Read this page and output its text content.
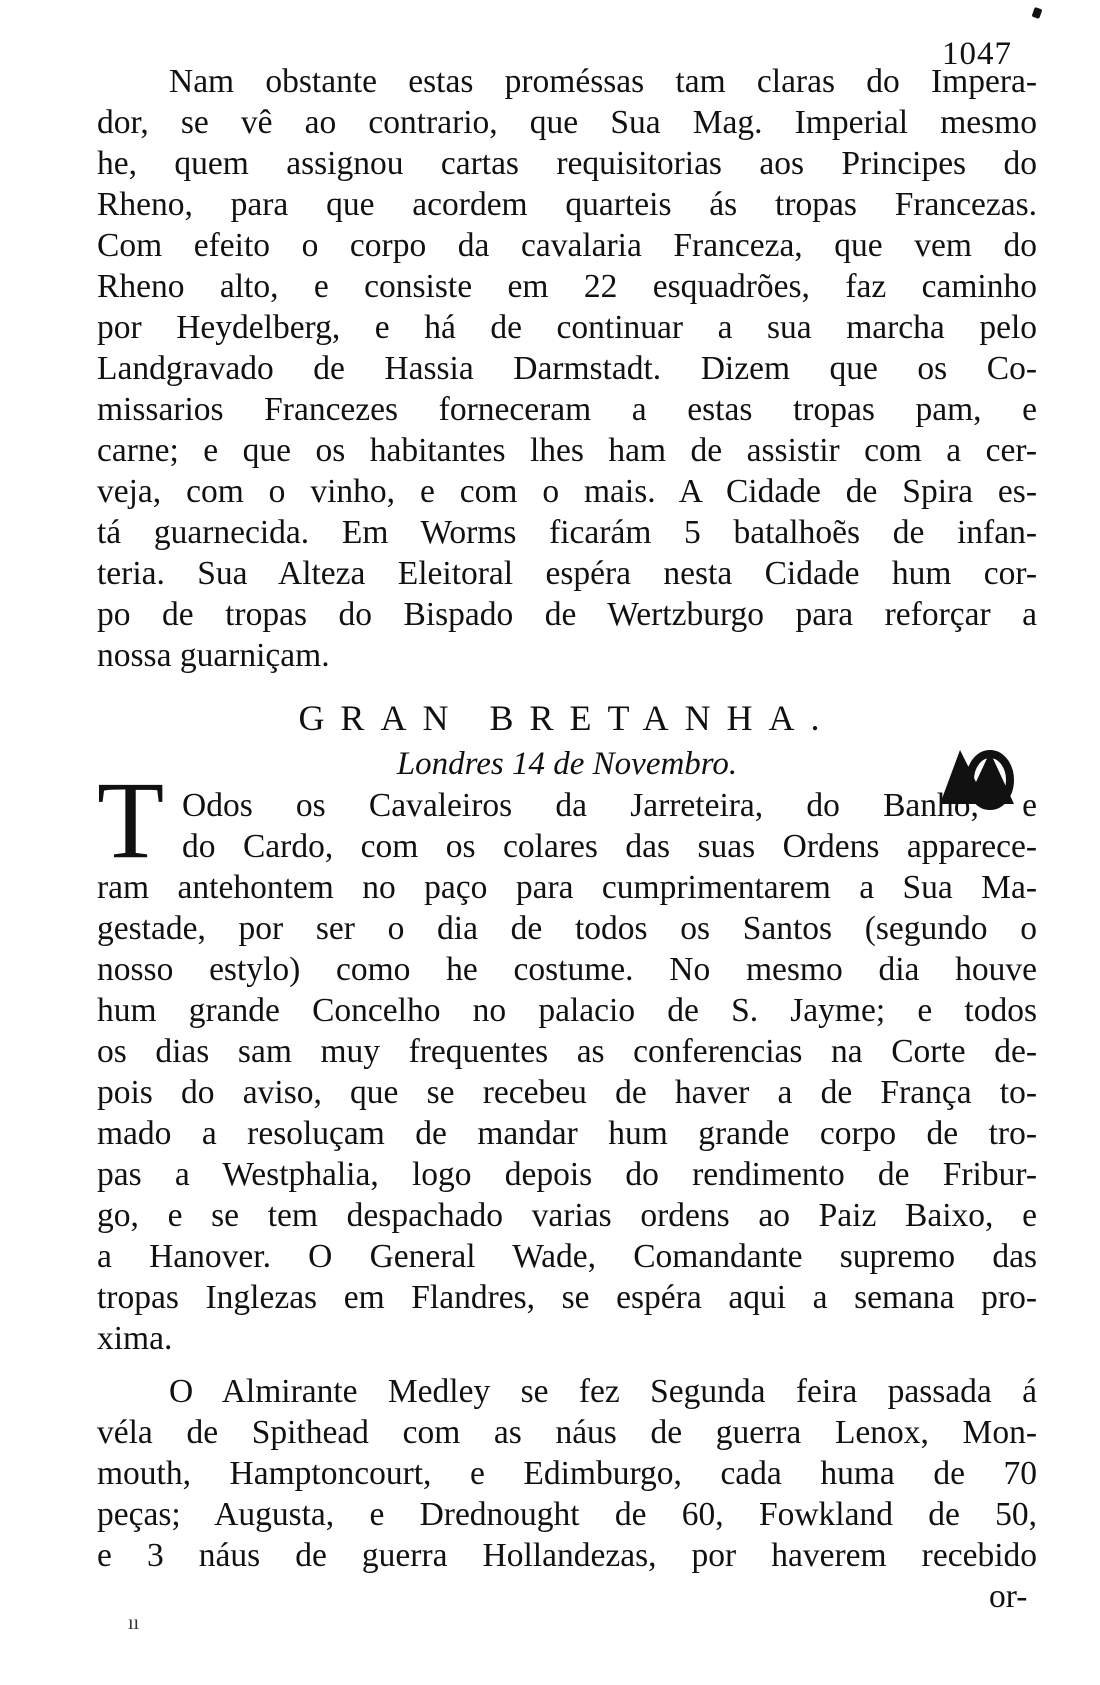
1047
Nam obstante estas proméssas tam claras do Impera-
dor, se vê ao contrario, que Sua Mag. Imperial mesmo
he, quem assignou cartas requisitorias aos Principes do
Rheno, para que acordem quarteis ás tropas Francezas.
Com efeito o corpo da cavalaria Franceza, que vem do
Rheno alto, e consiste em 22 esquadrões, faz caminho
por Heydelberg, e há de continuar a sua marcha pelo
Landgravado de Hassia Darmstadt. Dizem que os Co-
missarios Francezes forneceram a estas tropas pam, e
carne; e que os habitantes lhes ham de assistir com a cer-
veja, com o vinho, e com o mais. A Cidade de Spira es-
tá guarnecida. Em Worms ficarám 5 batalhoẽs de infan-
teria. Sua Alteza Eleitoral espéra nesta Cidade hum cor-
po de tropas do Bispado de Wertzburgo para reforçar a
nossa guarniçam.
GRAN BRETANHA.
Londres 14 de Novembro.
T Odos os Cavaleiros da Jarreteira, do Banho, e
do Cardo, com os colares das suas Ordens apparece-
ram antehontem no paço para cumprimentarem a Sua Ma-
gestade, por ser o dia de todos os Santos (segundo o
nosso estylo) como he costume. No mesmo dia houve
hum grande Concelho no palacio de S. Jayme; e todos
os dias sam muy frequentes as conferencias na Corte de-
pois do aviso, que se recebeu de haver a de França to-
mado a resoluçam de mandar hum grande corpo de tro-
pas a Westphalia, logo depois do rendimento de Fribur-
go, e se tem despachado varias ordens ao Paiz Baixo, e
a Hanover. O General Wade, Comandante supremo das
tropas Inglezas em Flandres, se espéra aqui a semana pro-
xima.
O Almirante Medley se fez Segunda feira passada á
véla de Spithead com as náus de guerra Lenox, Mon-
mouth, Hamptoncourt, e Edimburgo, cada huma de 70
peças; Augusta, e Drednought de 60, Fowkland de 50,
e 3 náus de guerra Hollandezas, por haverem recebido
or-
ıı
